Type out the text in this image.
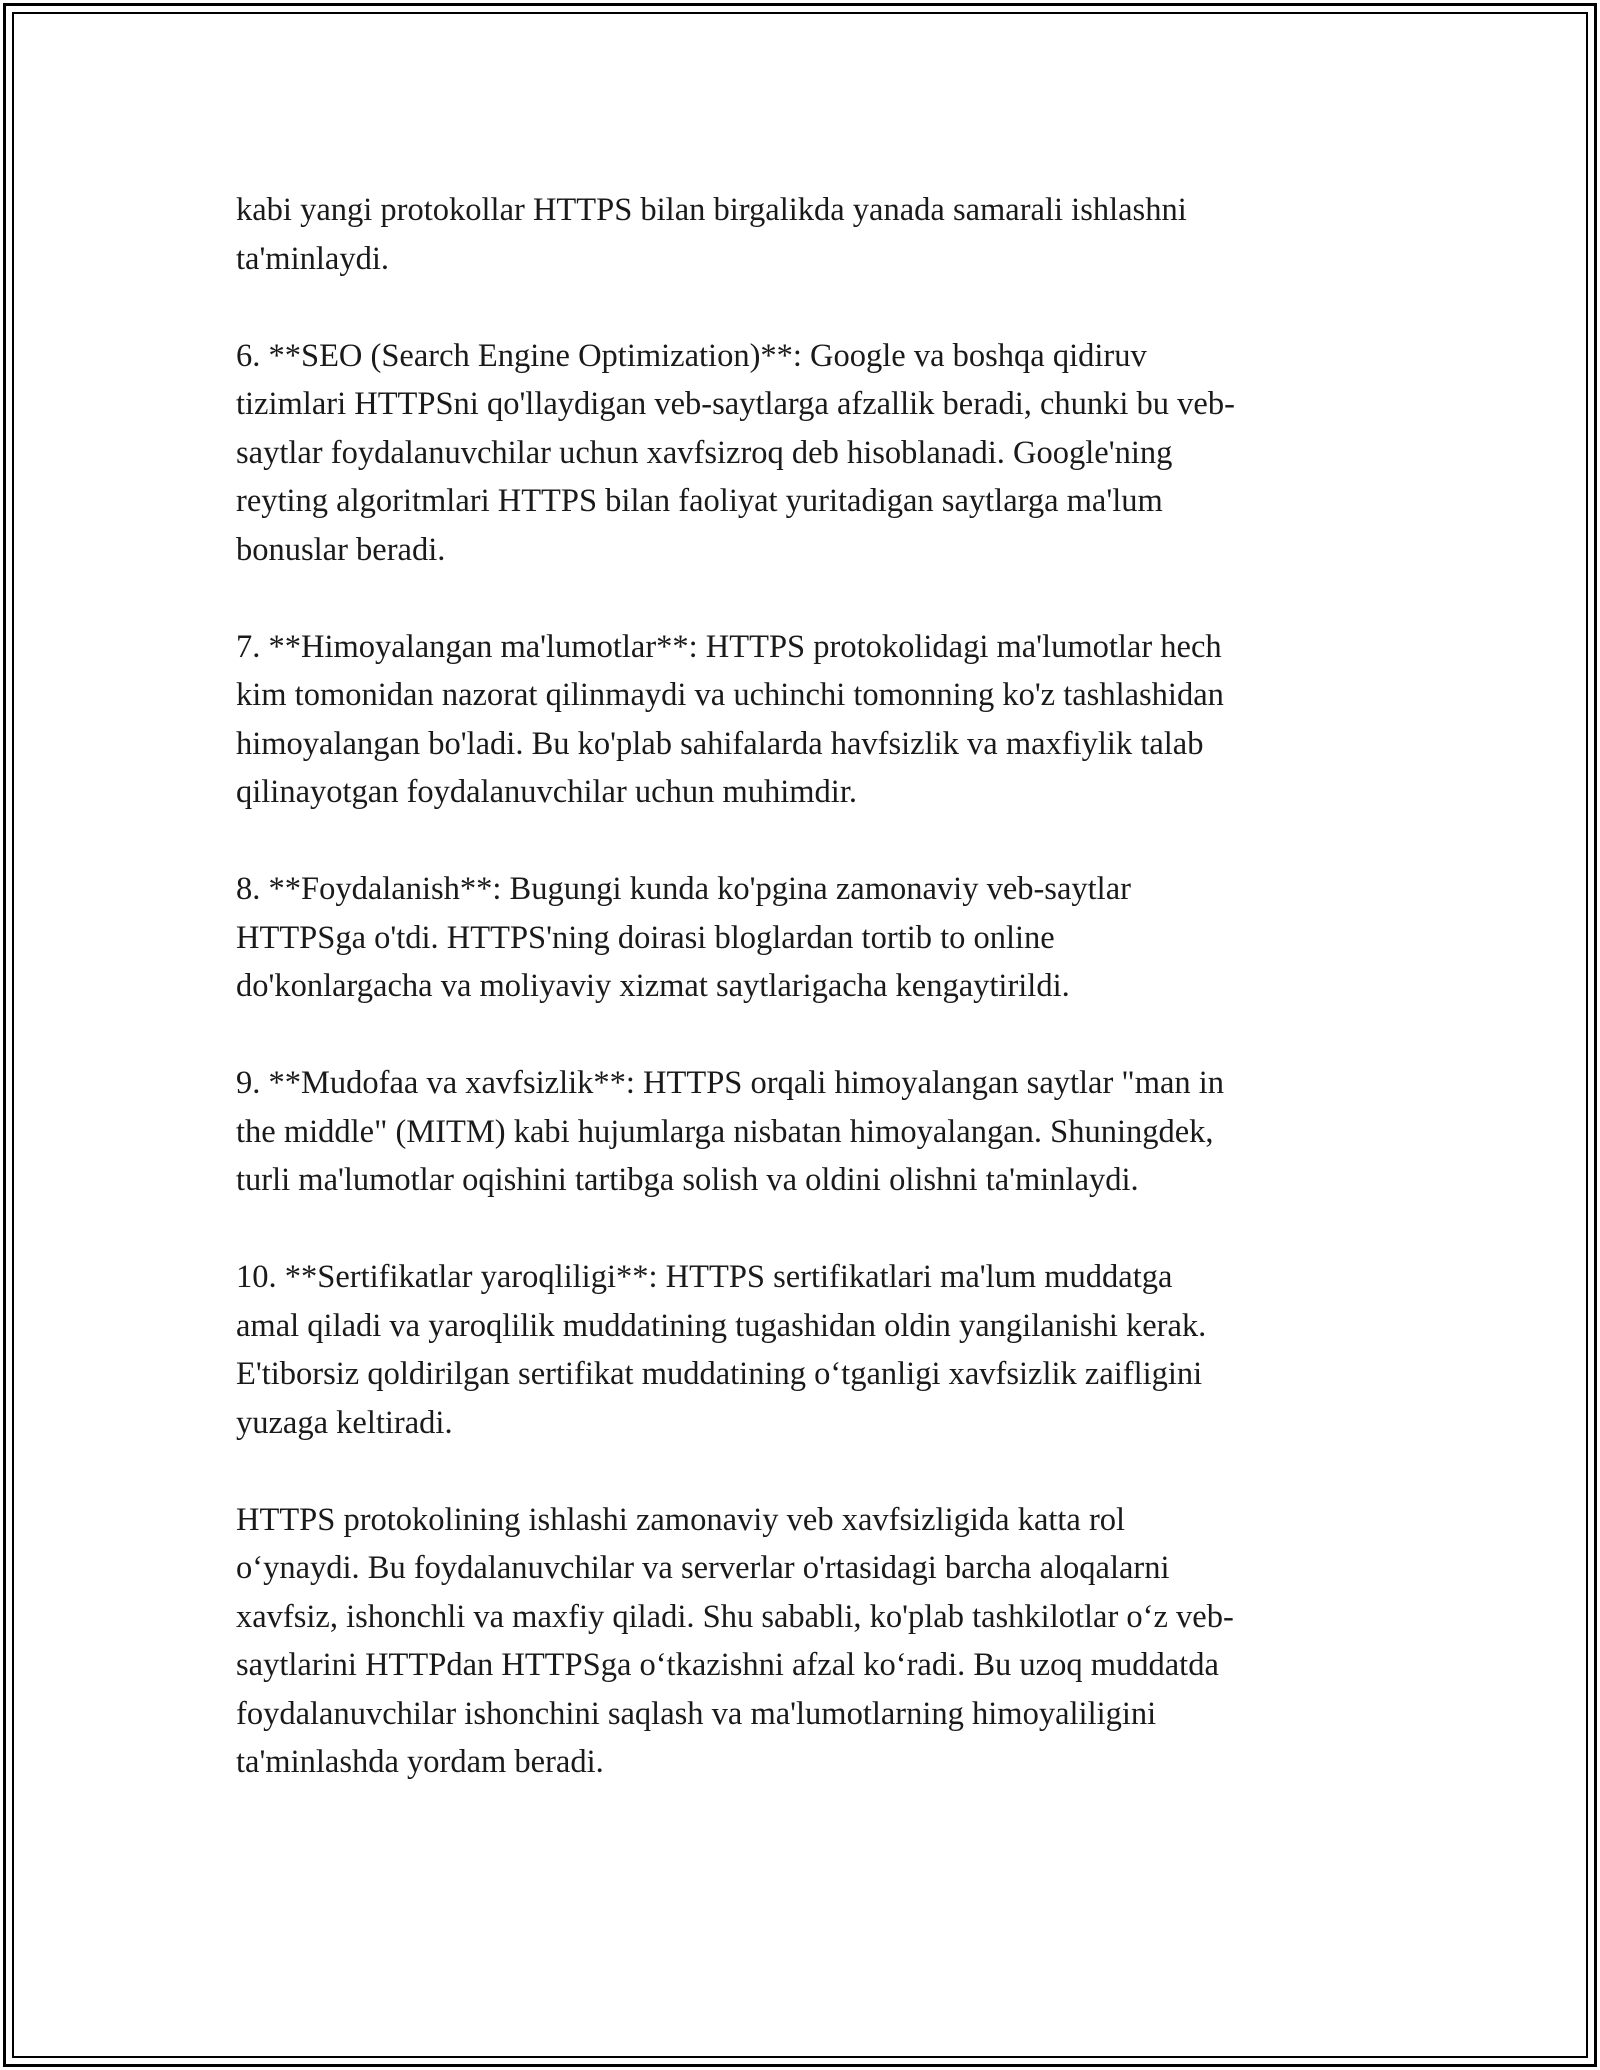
kabi yangi protokollar HTTPS bilan birgalikda yanada samarali ishlashni
ta'minlaydi.

6. **SEO (Search Engine Optimization)**: Google va boshqa qidiruv
tizimlari HTTPSni qo'llaydigan veb-saytlarga afzallik beradi, chunki bu veb-
saytlar foydalanuvchilar uchun xavfsizroq deb hisoblanadi. Google'ning
reyting algoritmlari HTTPS bilan faoliyat yuritadigan saytlarga ma'lum
bonuslar beradi.

7. **Himoyalangan ma'lumotlar**: HTTPS protokolidagi ma'lumotlar hech
kim tomonidan nazorat qilinmaydi va uchinchi tomonning ko'z tashlashidan
himoyalangan bo'ladi. Bu ko'plab sahifalarda havfsizlik va maxfiylik talab
qilinayotgan foydalanuvchilar uchun muhimdir.

8. **Foydalanish**: Bugungi kunda ko'pgina zamonaviy veb-saytlar
HTTPSga o'tdi. HTTPS'ning doirasi bloglardan tortib to online
do'konlargacha va moliyaviy xizmat saytlarigacha kengaytirildi.

9. **Mudofaa va xavfsizlik**: HTTPS orqali himoyalangan saytlar "man in
the middle" (MITM) kabi hujumlarga nisbatan himoyalangan. Shuningdek,
turli ma'lumotlar oqishini tartibga solish va oldini olishni ta'minlaydi.

10. **Sertifikatlar yaroqliligi**: HTTPS sertifikatlari ma'lum muddatga
amal qiladi va yaroqlilik muddatining tugashidan oldin yangilanishi kerak.
E'tiborsiz qoldirilgan sertifikat muddatining o‘tganligi xavfsizlik zaifligini
yuzaga keltiradi.

HTTPS protokolining ishlashi zamonaviy veb xavfsizligida katta rol
o‘ynaydi. Bu foydalanuvchilar va serverlar o'rtasidagi barcha aloqalarni
xavfsiz, ishonchli va maxfiy qiladi. Shu sababli, ko'plab tashkilotlar o‘z veb-
saytlarini HTTPdan HTTPSga o‘tkazishni afzal ko‘radi. Bu uzoq muddatda
foydalanuvchilar ishonchini saqlash va ma'lumotlarning himoyaliligini
ta'minlashda yordam beradi.
